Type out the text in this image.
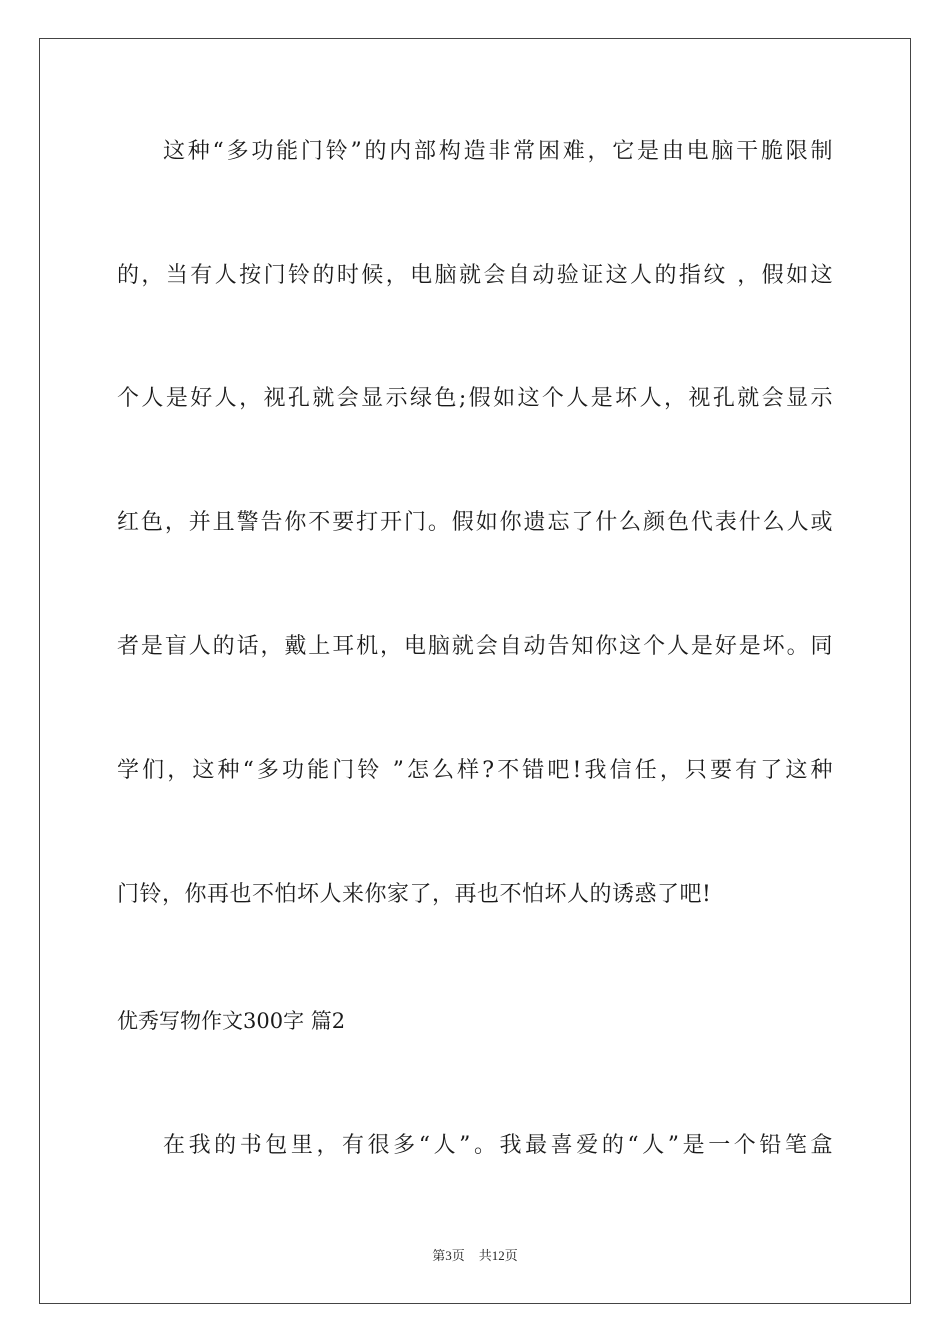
这种“多功能门铃”的内部构造非常困难，它是由电脑干脆限制
的，当有人按门铃的时候，电脑就会自动验证这人的指纹 ，假如这
个人是好人，视孔就会显示绿色;假如这个人是坏人，视孔就会显示
红色，并且警告你不要打开门。假如你遗忘了什么颜色代表什么人或
者是盲人的话，戴上耳机，电脑就会自动告知你这个人是好是坏。同
学们，这种“多功能门铃 ”怎么样?不错吧!我信任，只要有了这种
门铃，你再也不怕坏人来你家了，再也不怕坏人的诱惑了吧!
优秀写物作文300字 篇2
在我的书包里，有很多“人”。我最喜爱的“人”是一个铅笔盒
第3页 共12页
